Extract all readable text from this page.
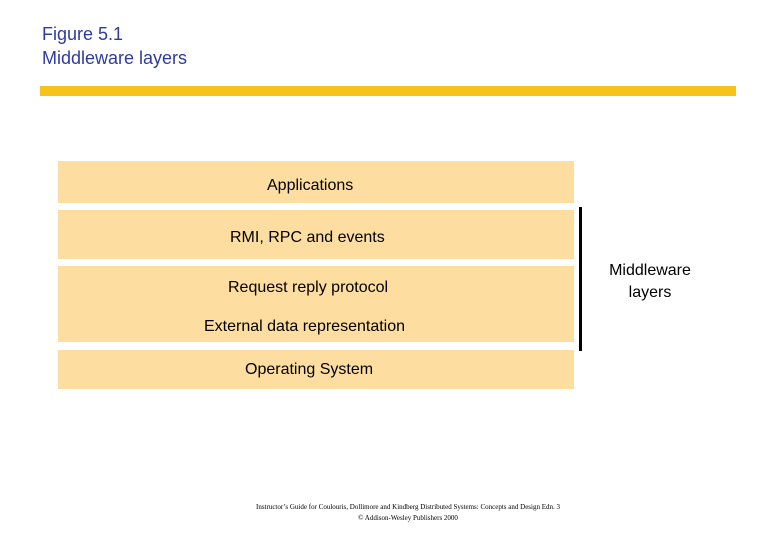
Figure 5.1
Middleware layers
Applications
RMI, RPC and events
Request reply protocol
External data representation
Operating System
Middleware
layers
Instructor’s Guide for Coulouris, Dollimore and Kindberg Distributed Systems: Concepts and Design Edn. 3
© Addison-Wesley Publishers 2000
